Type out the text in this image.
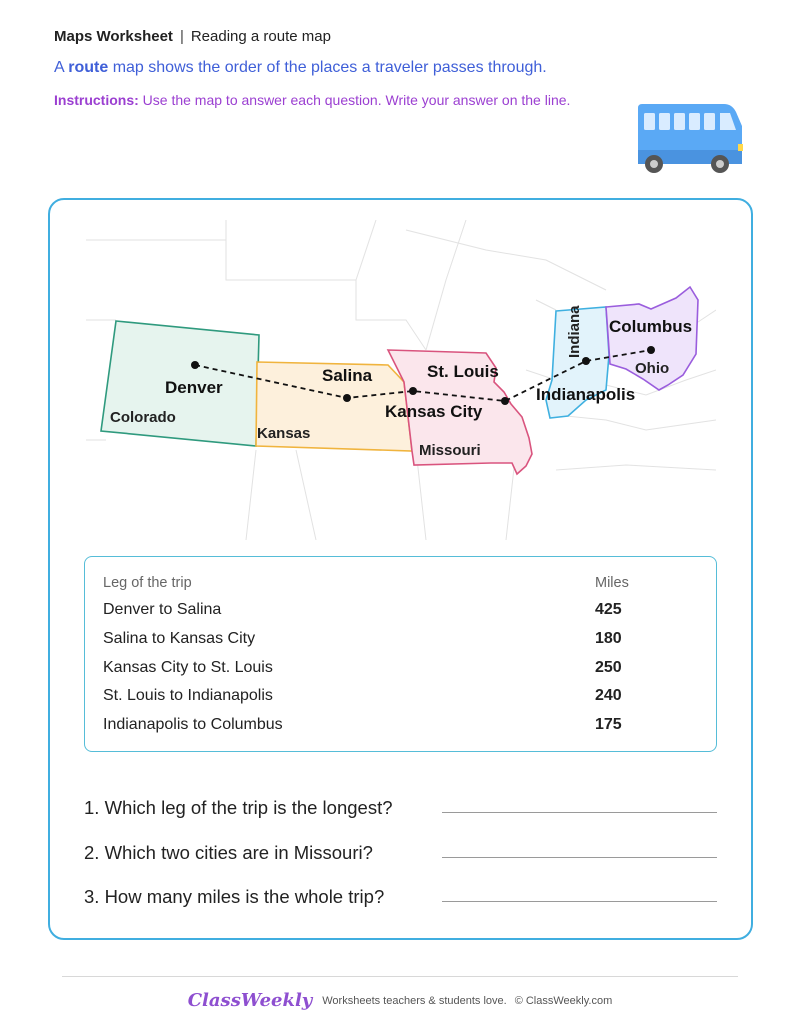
Maps Worksheet | Reading a route map
A route map shows the order of the places a traveler passes through.
Instructions: Use the map to answer each question. Write your answer on the line.
Colorado
Kansas
Missouri
Indiana
Ohio
Denver
Salina
Kansas City
St. Louis
Indianapolis
Columbus
Leg of the trip	Miles
Denver to Salina	425
Salina to Kansas City	180
Kansas City to St. Louis	250
St. Louis to Indianapolis	240
Indianapolis to Columbus	175
1. Which leg of the trip is the longest?
2. Which two cities are in Missouri?
3. How many miles is the whole trip?
ClassWeekly Worksheets teachers & students love. © ClassWeekly.com
